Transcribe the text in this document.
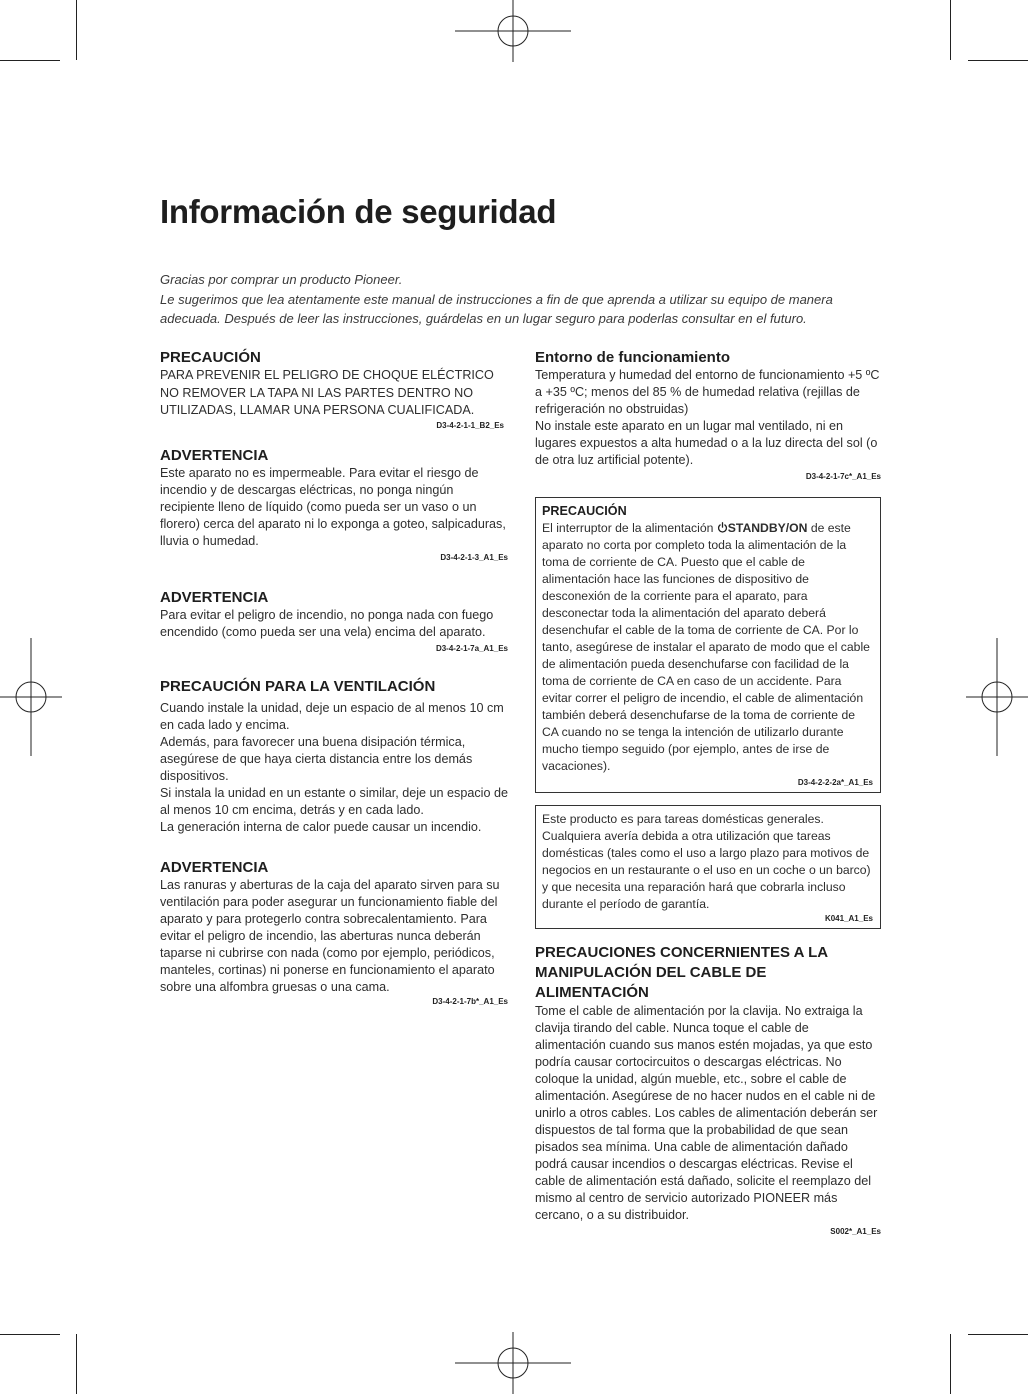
Información de seguridad

Gracias por comprar un producto Pioneer.

Le sugerimos que lea atentamente este manual de instrucciones a fin de que aprenda a utilizar su equipo de manera adecuada. Después de leer las instrucciones, guárdelas en un lugar seguro para poderlas consultar en el futuro.

PRECAUCIÓN

PARA PREVENIR EL PELIGRO DE CHOQUE ELÉCTRICO NO REMOVER LA TAPA NI LAS PARTES DENTRO NO UTILIZADAS, LLAMAR UNA PERSONA CUALIFICADA.

D3-4-2-1-1_B2_Es
ADVERTENCIA

Este aparato no es impermeable. Para evitar el riesgo de incendio y de descargas eléctricas, no ponga ningún recipiente lleno de líquido (como pueda ser un vaso o un florero) cerca del aparato ni lo exponga a goteo, salpicaduras, lluvia o humedad.

D3-4-2-1-3_A1_Es
ADVERTENCIA

Para evitar el peligro de incendio, no ponga nada con fuego encendido (como pueda ser una vela) encima del aparato.

D3-4-2-1-7a_A1_Es
PRECAUCIÓN PARA LA VENTILACIÓN

Cuando instale la unidad, deje un espacio de al menos 10 cm en cada lado y encima.

Además, para favorecer una buena disipación térmica, asegúrese de que haya cierta distancia entre los demás dispositivos.

Si instala la unidad en un estante o similar, deje un espacio de al menos 10 cm encima, detrás y en cada lado.

La generación interna de calor puede causar un incendio.

ADVERTENCIA

Las ranuras y aberturas de la caja del aparato sirven para su ventilación para poder asegurar un funcionamiento fiable del aparato y para protegerlo contra sobrecalentamiento. Para evitar el peligro de incendio, las aberturas nunca deberán taparse ni cubrirse con nada (como por ejemplo, periódicos, manteles, cortinas) ni ponerse en funcionamiento el aparato sobre una alfombra gruesas o una cama.

D3-4-2-1-7b*_A1_Es
Entorno de funcionamiento

Temperatura y humedad del entorno de funcionamiento +5 ºC a +35 ºC; menos del 85 % de humedad relativa (rejillas de refrigeración no obstruidas)

No instale este aparato en un lugar mal ventilado, ni en lugares expuestos a alta humedad o a la luz directa del sol (o de otra luz artificial potente).

D3-4-2-1-7c*_A1_Es
PRECAUCIÓN

El interruptor de la alimentación STANDBY/ON de este aparato no corta por completo toda la alimentación de la toma de corriente de CA. Puesto que el cable de alimentación hace las funciones de dispositivo de desconexión de la corriente para el aparato, para desconectar toda la alimentación del aparato deberá desenchufar el cable de la toma de corriente de CA. Por lo tanto, asegúrese de instalar el aparato de modo que el cable de alimentación pueda desenchufarse con facilidad de la toma de corriente de CA en caso de un accidente. Para evitar correr el peligro de incendio, el cable de alimentación también deberá desenchufarse de la toma de corriente de CA cuando no se tenga la intención de utilizarlo durante mucho tiempo seguido (por ejemplo, antes de irse de vacaciones).

D3-4-2-2-2a*_A1_Es

Este producto es para tareas domésticas generales. Cualquiera avería debida a otra utilización que tareas domésticas (tales como el uso a largo plazo para motivos de negocios en un restaurante o el uso en un coche o un barco) y que necesita una reparación hará que cobrarla incluso durante el período de garantía.

K041_A1_Es
PRECAUCIONES CONCERNIENTES A LA MANIPULACIÓN DEL CABLE DE ALIMENTACIÓN

Tome el cable de alimentación por la clavija. No extraiga la clavija tirando del cable. Nunca toque el cable de alimentación cuando sus manos estén mojadas, ya que esto podría causar cortocircuitos o descargas eléctricas. No coloque la unidad, algún mueble, etc., sobre el cable de alimentación. Asegúrese de no hacer nudos en el cable ni de unirlo a otros cables. Los cables de alimentación deberán ser dispuestos de tal forma que la probabilidad de que sean pisados sea mínima. Una cable de alimentación dañado podrá causar incendios o descargas eléctricas. Revise el cable de alimentación está dañado, solicite el reemplazo del mismo al centro de servicio autorizado PIONEER más cercano, o a su distribuidor.

S002*_A1_Es
